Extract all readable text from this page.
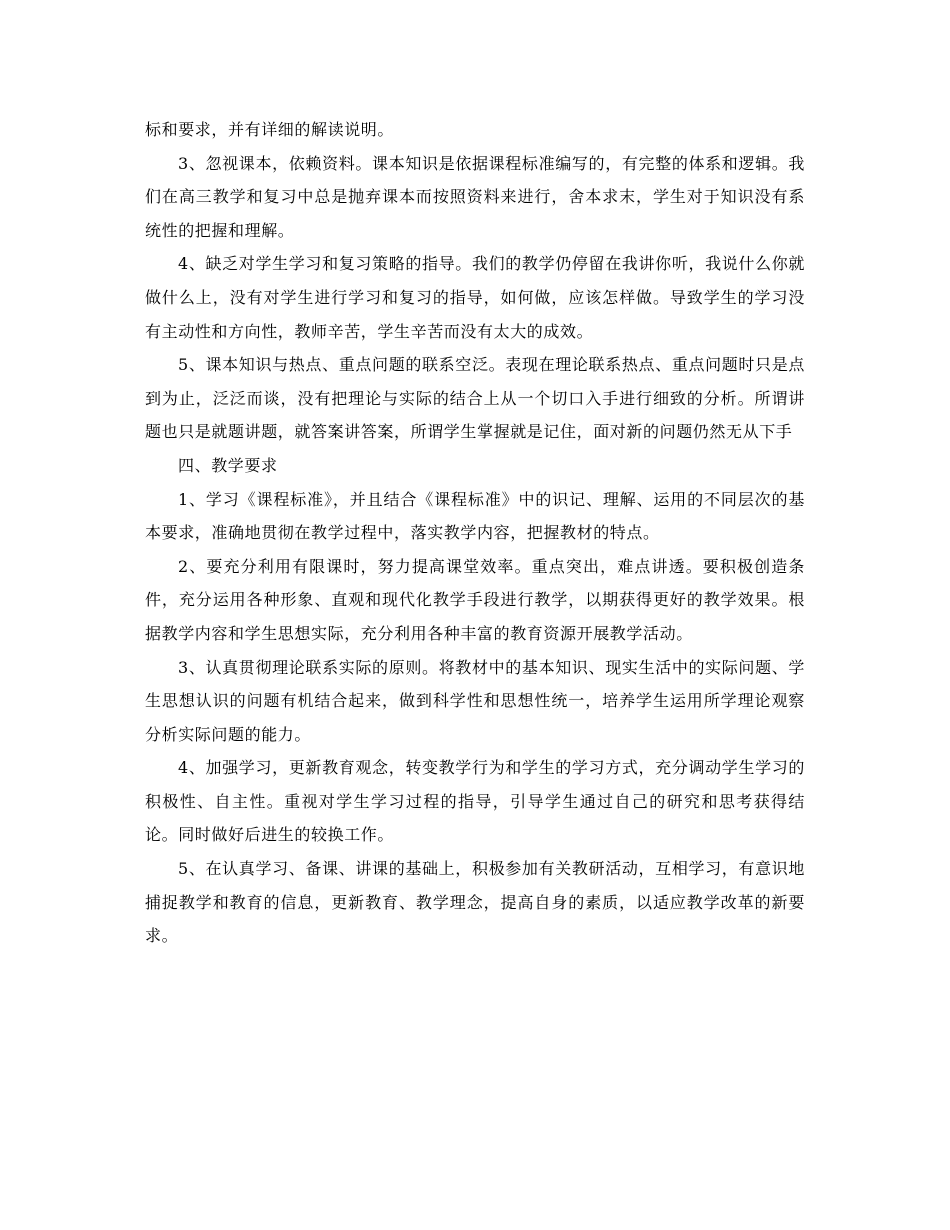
标和要求，并有详细的解读说明。

3、忽视课本，依赖资料。课本知识是依据课程标准编写的，有完整的体系和逻辑。我们在高三教学和复习中总是抛弃课本而按照资料来进行，舍本求末，学生对于知识没有系统性的把握和理解。

4、缺乏对学生学习和复习策略的指导。我们的教学仍停留在我讲你听，我说什么你就做什么上，没有对学生进行学习和复习的指导，如何做，应该怎样做。导致学生的学习没有主动性和方向性，教师辛苦，学生辛苦而没有太大的成效。

5、课本知识与热点、重点问题的联系空泛。表现在理论联系热点、重点问题时只是点到为止，泛泛而谈，没有把理论与实际的结合上从一个切口入手进行细致的分析。所谓讲题也只是就题讲题，就答案讲答案，所谓学生掌握就是记住，面对新的问题仍然无从下手

四、教学要求

1、学习《课程标准》，并且结合《课程标准》中的识记、理解、运用的不同层次的基本要求，准确地贯彻在教学过程中，落实教学内容，把握教材的特点。

2、要充分利用有限课时，努力提高课堂效率。重点突出，难点讲透。要积极创造条件，充分运用各种形象、直观和现代化教学手段进行教学，以期获得更好的教学效果。根据教学内容和学生思想实际，充分利用各种丰富的教育资源开展教学活动。

3、认真贯彻理论联系实际的原则。将教材中的基本知识、现实生活中的实际问题、学生思想认识的问题有机结合起来，做到科学性和思想性统一，培养学生运用所学理论观察分析实际问题的能力。

4、加强学习，更新教育观念，转变教学行为和学生的学习方式，充分调动学生学习的积极性、自主性。重视对学生学习过程的指导，引导学生通过自己的研究和思考获得结论。同时做好后进生的较换工作。

5、在认真学习、备课、讲课的基础上，积极参加有关教研活动，互相学习，有意识地捕捉教学和教育的信息，更新教育、教学理念，提高自身的素质，以适应教学改革的新要求。
